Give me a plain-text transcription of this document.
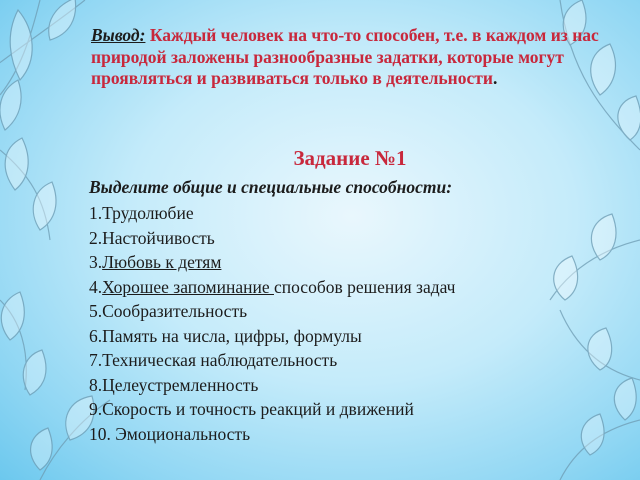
Вывод: Каждый человек на что-то способен, т.е. в каждом из нас природой заложены разнообразные задатки, которые могут проявляться и развиваться только в деятельности.
Задание №1
Выделите общие и специальные способности:
1.Трудолюбие
2.Настойчивость
3.Любовь к детям
4.Хорошее запоминание способов решения задач
5.Сообразительность
6.Память на числа, цифры, формулы
7.Техническая наблюдательность
8.Целеустремленность
9.Скорость и точность реакций и движений
10. Эмоциональность
